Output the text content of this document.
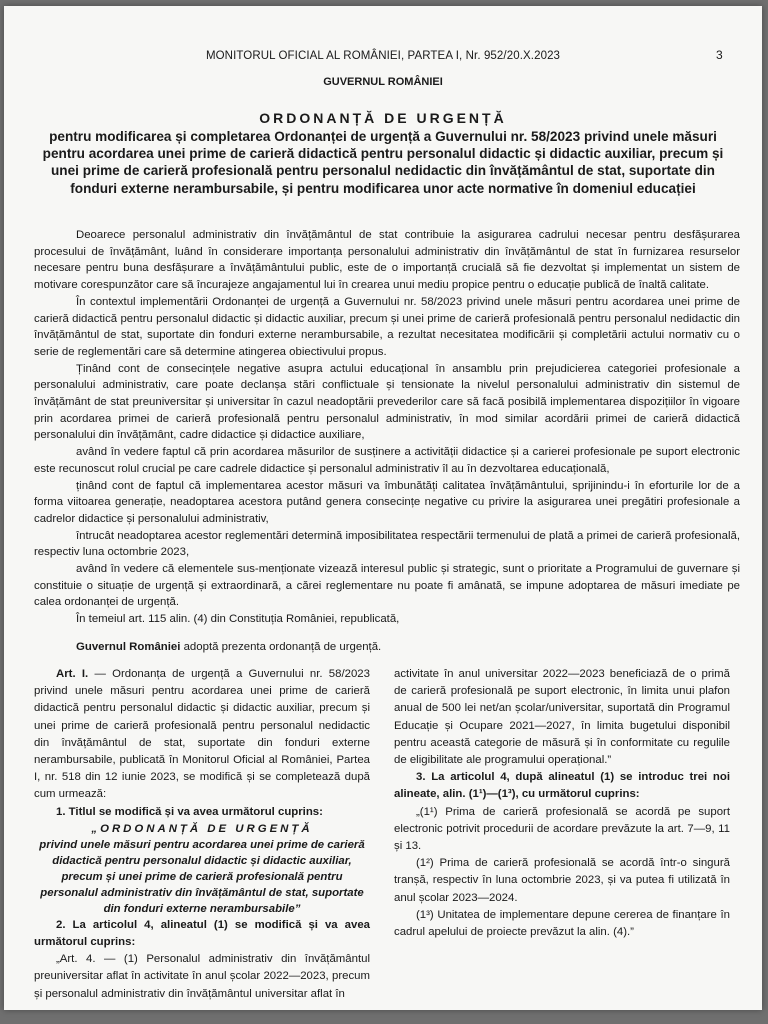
MONITORUL OFICIAL AL ROMÂNIEI, PARTEA I, Nr. 952/20.X.2023	3
GUVERNUL ROMÂNIEI
ORDONANȚĂ DE URGENȚĂ
pentru modificarea și completarea Ordonanței de urgență a Guvernului nr. 58/2023 privind unele măsuri pentru acordarea unei prime de carieră didactică pentru personalul didactic și didactic auxiliar, precum și unei prime de carieră profesională pentru personalul nedidactic din învățământul de stat, suportate din fonduri externe nerambursabile, și pentru modificarea unor acte normative în domeniul educației

Deoarece personalul administrativ din învățământul de stat contribuie la asigurarea cadrului necesar pentru desfășurarea procesului de învățământ, luând în considerare importanța personalului administrativ din învățământul de stat în furnizarea resurselor necesare pentru buna desfășurare a învățământului public, este de o importanță crucială să fie dezvoltat și implementat un sistem de motivare corespunzător care să încurajeze angajamentul lui în crearea unui mediu propice pentru o educație publică de înaltă calitate.

În contextul implementării Ordonanței de urgență a Guvernului nr. 58/2023 privind unele măsuri pentru acordarea unei prime de carieră didactică pentru personalul didactic și didactic auxiliar, precum și unei prime de carieră profesională pentru personalul nedidactic din învățământul de stat, suportate din fonduri externe nerambursabile, a rezultat necesitatea modificării și completării actului normativ cu o serie de reglementări care să determine atingerea obiectivului propus.

Ținând cont de consecințele negative asupra actului educațional în ansamblu prin prejudicierea categoriei profesionale a personalului administrativ, care poate declanșa stări conflictuale și tensionate la nivelul personalului administrativ din sistemul de învățământ de stat preuniversitar și universitar în cazul neadoptării prevederilor care să facă posibilă implementarea dispozițiilor în vigoare prin acordarea primei de carieră profesională pentru personalul administrativ, în mod similar acordării primei de carieră didactică personalului din învățământ, cadre didactice și didactice auxiliare,

având în vedere faptul că prin acordarea măsurilor de susținere a activității didactice și a carierei profesionale pe suport electronic este recunoscut rolul crucial pe care cadrele didactice și personalul administrativ îl au în dezvoltarea educațională,

ținând cont de faptul că implementarea acestor măsuri va îmbunătăți calitatea învățământului, sprijinindu-i în eforturile lor de a forma viitoarea generație, neadoptarea acestora putând genera consecințe negative cu privire la asigurarea unei pregătiri profesionale a cadrelor didactice și personalului administrativ,

întrucât neadoptarea acestor reglementări determină imposibilitatea respectării termenului de plată a primei de carieră profesională, respectiv luna octombrie 2023,

având în vedere că elementele sus-menționate vizează interesul public și strategic, sunt o prioritate a Programului de guvernare și constituie o situație de urgență și extraordinară, a cărei reglementare nu poate fi amânată, se impune adoptarea de măsuri imediate pe calea ordonanței de urgență.

În temeiul art. 115 alin. (4) din Constituția României, republicată,

Guvernul României adoptă prezenta ordonanță de urgență.

Art. I. — Ordonanța de urgență a Guvernului nr. 58/2023 privind unele măsuri pentru acordarea unei prime de carieră didactică pentru personalul didactic și didactic auxiliar, precum și unei prime de carieră profesională pentru personalul nedidactic din învățământul de stat, suportate din fonduri externe nerambursabile, publicată în Monitorul Oficial al României, Partea I, nr. 518 din 12 iunie 2023, se modifică și se completează după cum urmează:

1. Titlul se modifică și va avea următorul cuprins:

„ORDONANȚĂ DE URGENȚĂ

privind unele măsuri pentru acordarea unei prime de carieră didactică pentru personalul didactic și didactic auxiliar, precum și unei prime de carieră profesională pentru personalul administrativ din învățământul de stat, suportate din fonduri externe nerambursabile”

2. La articolul 4, alineatul (1) se modifică și va avea următorul cuprins:

„Art. 4. — (1) Personalul administrativ din învățământul preuniversitar aflat în activitate în anul școlar 2022—2023, precum și personalul administrativ din învățământul universitar aflat în

activitate în anul universitar 2022—2023 beneficiază de o primă de carieră profesională pe suport electronic, în limita unui plafon anual de 500 lei net/an școlar/universitar, suportată din Programul Educație și Ocupare 2021—2027, în limita bugetului disponibil pentru această categorie de măsură și în conformitate cu regulile de eligibilitate ale programului operațional.”

3. La articolul 4, după alineatul (1) se introduc trei noi alineate, alin. (1¹)—(1³), cu următorul cuprins:

„(1¹) Prima de carieră profesională se acordă pe suport electronic potrivit procedurii de acordare prevăzute la art. 7—9, 11 și 13.

(1²) Prima de carieră profesională se acordă într-o singură tranșă, respectiv în luna octombrie 2023, și va putea fi utilizată în anul școlar 2023—2024.

(1³) Unitatea de implementare depune cererea de finanțare în cadrul apelului de proiecte prevăzut la alin. (4).”
